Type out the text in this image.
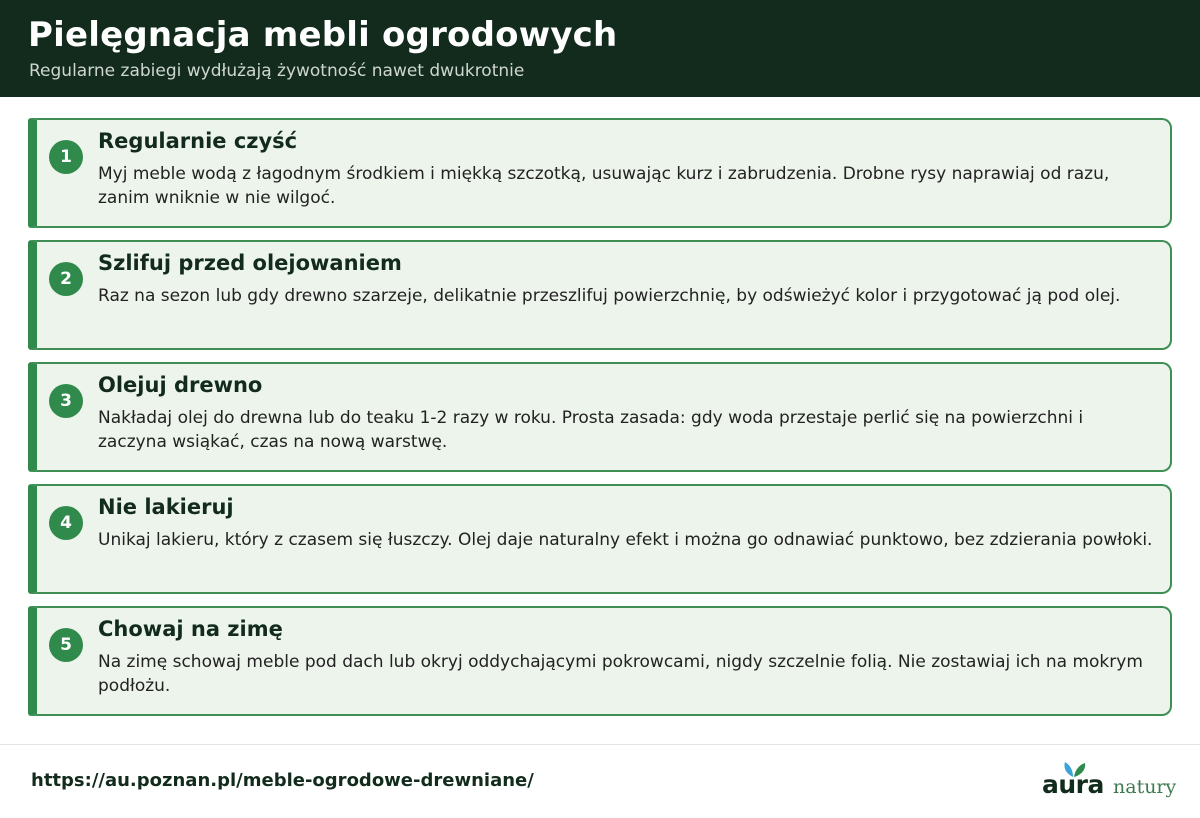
Pielęgnacja mebli ogrodowych
Regularne zabiegi wydłużają żywotność nawet dwukrotnie
1
Regularnie czyść
Myj meble wodą z łagodnym środkiem i miękką szczotką, usuwając kurz i zabrudzenia. Drobne rysy naprawiaj od razu, zanim wniknie w nie wilgoć.
2
Szlifuj przed olejowaniem
Raz na sezon lub gdy drewno szarzeje, delikatnie przeszlifuj powierzchnię, by odświeżyć kolor i przygotować ją pod olej.
3
Olejuj drewno
Nakładaj olej do drewna lub do teaku 1-2 razy w roku. Prosta zasada: gdy woda przestaje perlić się na powierzchni i zaczyna wsiąkać, czas na nową warstwę.
4
Nie lakieruj
Unikaj lakieru, który z czasem się łuszczy. Olej daje naturalny efekt i można go odnawiać punktowo, bez zdzierania powłoki.
5
Chowaj na zimę
Na zimę schowaj meble pod dach lub okryj oddychającymi pokrowcami, nigdy szczelnie folią. Nie zostawiaj ich na mokrym podłożu.
https://au.poznan.pl/meble-ogrodowe-drewniane/	aura natury
